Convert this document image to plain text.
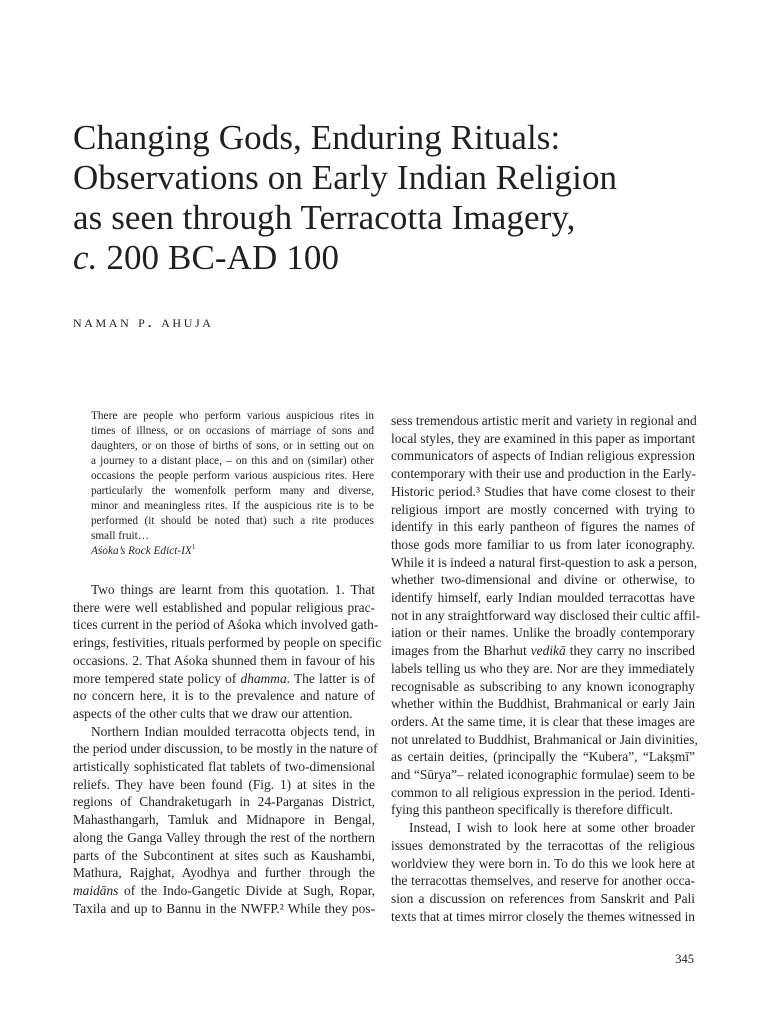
Changing Gods, Enduring Rituals:
Observations on Early Indian Religion
as seen through Terracotta Imagery,
c. 200 BC-AD 100
naman p. ahuja
There are people who perform various auspicious rites in
times of illness, or on occasions of marriage of sons and
daughters, or on those of births of sons, or in setting out on
a journey to a distant place, – on this and on (similar) other
occasions the people perform various auspicious rites. Here
particularly the womenfolk perform many and diverse,
minor and meaningless rites. If the auspicious rite is to be
performed (it should be noted that) such a rite produces
small fruit…
Aśoka’s Rock Edict-$IX^1$
Two things are learnt from this quotation. 1. That
there were well established and popular religious prac-
tices current in the period of Aśoka which involved gath-
erings, festivities, rituals performed by people on specific
occasions. 2. That Aśoka shunned them in favour of his
more tempered state policy of dhamma. The latter is of
no concern here, it is to the prevalence and nature of
aspects of the other cults that we draw our attention.
Northern Indian moulded terracotta objects tend, in
the period under discussion, to be mostly in the nature of
artistically sophisticated flat tablets of two-dimensional
reliefs. They have been found (Fig. 1) at sites in the
regions of Chandraketugarh in 24-Parganas District,
Mahasthangarh, Tamluk and Midnapore in Bengal,
along the Ganga Valley through the rest of the northern
parts of the Subcontinent at sites such as Kaushambi,
Mathura, Rajghat, Ayodhya and further through the
maidāns of the Indo-Gangetic Divide at Sugh, Ropar,
Taxila and up to Bannu in the NWFP.² While they pos-
sess tremendous artistic merit and variety in regional and
local styles, they are examined in this paper as important
communicators of aspects of Indian religious expression
contemporary with their use and production in the Early-
Historic period.³ Studies that have come closest to their
religious import are mostly concerned with trying to
identify in this early pantheon of figures the names of
those gods more familiar to us from later iconography.
While it is indeed a natural first-question to ask a person,
whether two-dimensional and divine or otherwise, to
identify himself, early Indian moulded terracottas have
not in any straightforward way disclosed their cultic affil-
iation or their names. Unlike the broadly contemporary
images from the Bharhut vedikā they carry no inscribed
labels telling us who they are. Nor are they immediately
recognisable as subscribing to any known iconography
whether within the Buddhist, Brahmanical or early Jain
orders. At the same time, it is clear that these images are
not unrelated to Buddhist, Brahmanical or Jain divinities,
as certain deities, (principally the “Kubera”, “Lakṣmī”
and “Sūrya”– related iconographic formulae) seem to be
common to all religious expression in the period. Identi-
fying this pantheon specifically is therefore difficult.
Instead, I wish to look here at some other broader
issues demonstrated by the terracottas of the religious
worldview they were born in. To do this we look here at
the terracottas themselves, and reserve for another occa-
sion a discussion on references from Sanskrit and Pali
texts that at times mirror closely the themes witnessed in
345
